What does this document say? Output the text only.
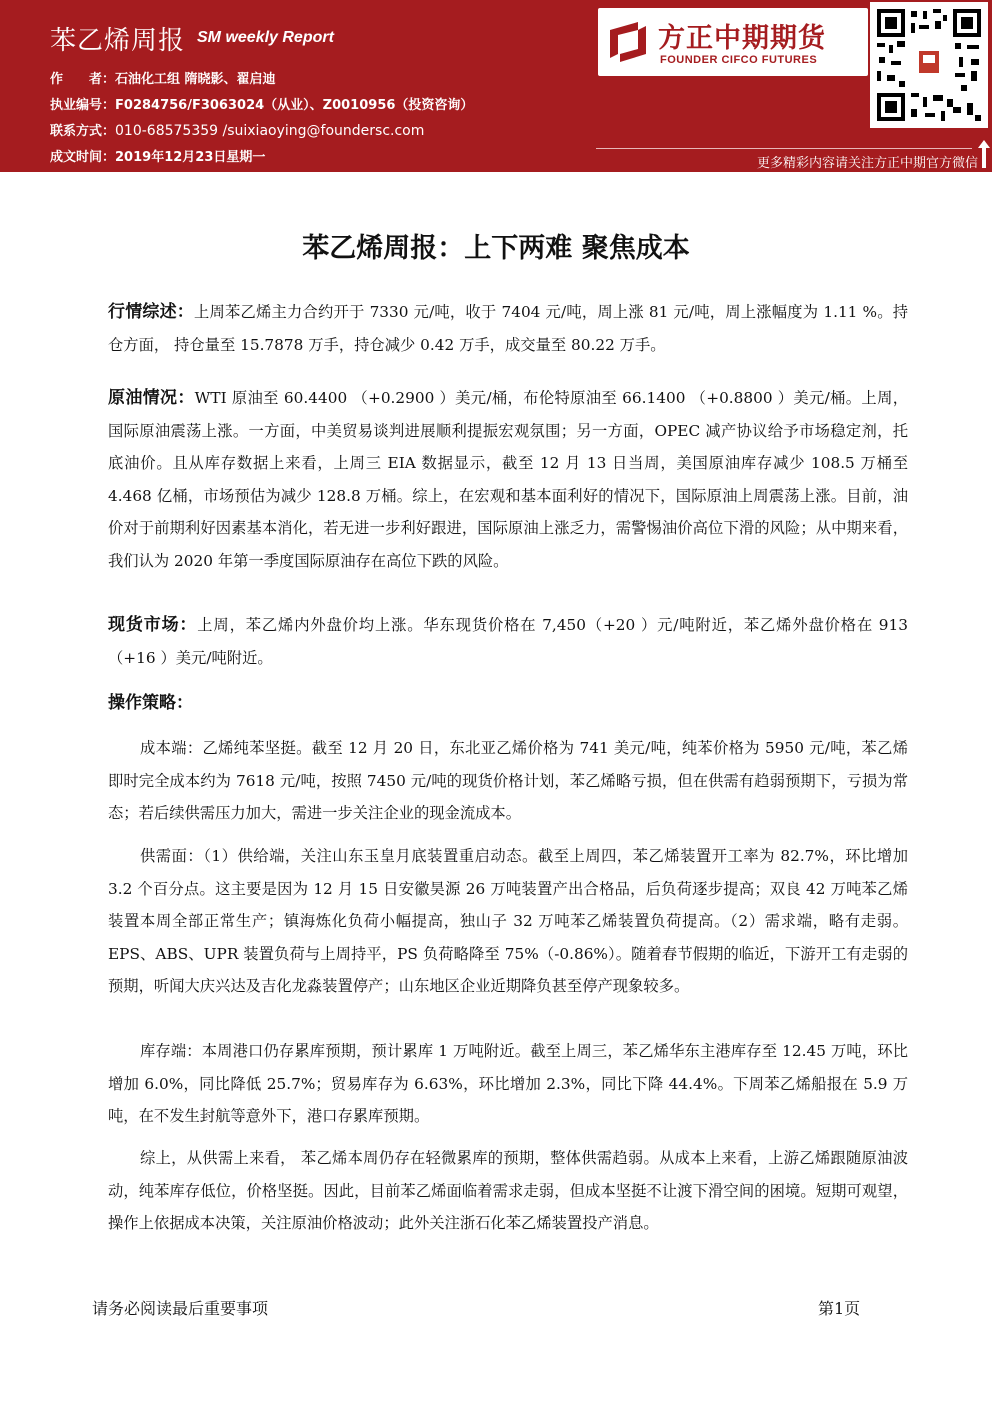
苯乙烯周报 SM weekly Report
作　　者：石油化工组 隋晓影、翟启迪
执业编号：F0284756/F3063024（从业）、Z0010956（投资咨询）
联系方式：010-68575359 /suixiaoying@foundersc.com
成文时间：2019年12月23日星期一
方正中期期货
FOUNDER CIFCO FUTURES
更多精彩内容请关注方正中期官方微信
苯乙烯周报：上下两难 聚焦成本
行情综述：上周苯乙烯主力合约开于 7330 元/吨，收于 7404 元/吨，周上涨 81 元/吨，周上涨幅度为 1.11 %。持仓方面， 持仓量至 15.7878 万手，持仓减少 0.42 万手，成交量至 80.22 万手。
原油情况：WTI 原油至 60.4400 （+0.2900 ）美元/桶，布伦特原油至 66.1400 （+0.8800 ）美元/桶。上周，国际原油震荡上涨。一方面，中美贸易谈判进展顺利提振宏观氛围；另一方面，OPEC 减产协议给予市场稳定剂，托底油价。且从库存数据上来看，上周三 EIA 数据显示，截至 12 月 13 日当周，美国原油库存减少 108.5 万桶至 4.468 亿桶，市场预估为减少 128.8 万桶。综上，在宏观和基本面利好的情况下，国际原油上周震荡上涨。目前，油价对于前期利好因素基本消化，若无进一步利好跟进，国际原油上涨乏力，需警惕油价高位下滑的风险；从中期来看，我们认为 2020 年第一季度国际原油存在高位下跌的风险。
现货市场：上周，苯乙烯内外盘价均上涨。华东现货价格在 7,450（+20 ）元/吨附近，苯乙烯外盘价格在 913（+16 ）美元/吨附近。
操作策略：
成本端：乙烯纯苯坚挺。截至 12 月 20 日，东北亚乙烯价格为 741 美元/吨，纯苯价格为 5950 元/吨，苯乙烯即时完全成本约为 7618 元/吨，按照 7450 元/吨的现货价格计划，苯乙烯略亏损，但在供需有趋弱预期下，亏损为常态；若后续供需压力加大，需进一步关注企业的现金流成本。
供需面：（1）供给端，关注山东玉皇月底装置重启动态。截至上周四，苯乙烯装置开工率为 82.7%，环比增加 3.2 个百分点。这主要是因为 12 月 15 日安徽昊源 26 万吨装置产出合格品，后负荷逐步提高；双良 42 万吨苯乙烯装置本周全部正常生产；镇海炼化负荷小幅提高，独山子 32 万吨苯乙烯装置负荷提高。（2）需求端，略有走弱。EPS、ABS、UPR 装置负荷与上周持平，PS 负荷略降至 75%（-0.86%）。随着春节假期的临近，下游开工有走弱的预期，听闻大庆兴达及吉化龙淼装置停产；山东地区企业近期降负甚至停产现象较多。
库存端：本周港口仍存累库预期，预计累库 1 万吨附近。截至上周三，苯乙烯华东主港库存至 12.45 万吨，环比增加 6.0%，同比降低 25.7%；贸易库存为 6.63%，环比增加 2.3%，同比下降 44.4%。下周苯乙烯船报在 5.9 万吨，在不发生封航等意外下，港口存累库预期。
综上，从供需上来看， 苯乙烯本周仍存在轻微累库的预期，整体供需趋弱。从成本上来看，上游乙烯跟随原油波动，纯苯库存低位，价格坚挺。因此，目前苯乙烯面临着需求走弱，但成本坚挺不让渡下滑空间的困境。短期可观望，操作上依据成本决策，关注原油价格波动；此外关注浙石化苯乙烯装置投产消息。
请务必阅读最后重要事项	第1页
